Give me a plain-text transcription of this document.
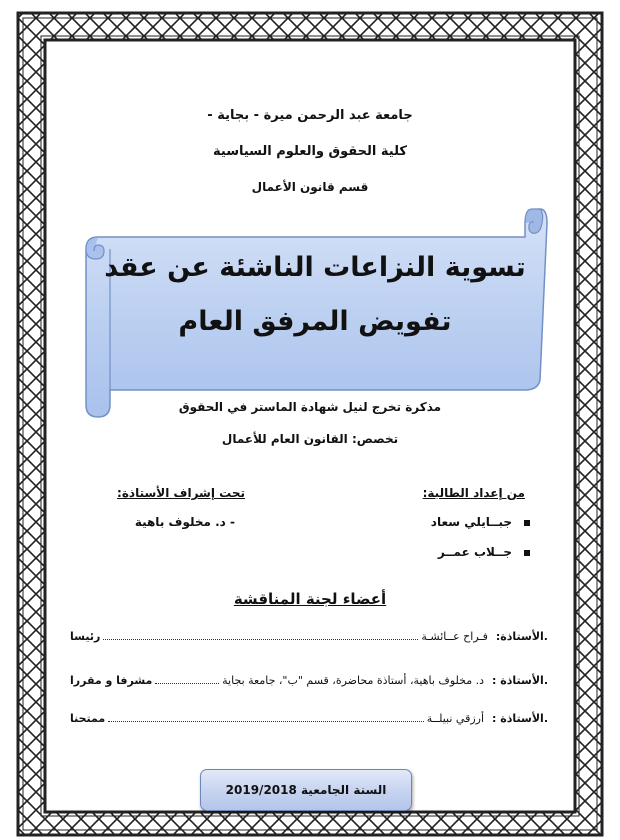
جامعة عبد الرحمن ميرة - بجاية -
كلية الحقوق والعلوم السياسية
قسم قانون الأعمال
تسوية النزاعات الناشئة عن عقد
تفويض المرفق العام
مذكرة تخرج لنيل شهادة الماستر في الحقوق
تخصص: القانون العام للأعمال
من إعداد الطالبة:
تحت إشراف الأستاذة:
جبــايلي سعاد
جــلاب عمــر
- د. مخلوف باهية
أعضاء لجنة المناقشة
.الأستاذة:
فـراح عــائشـة
رئيسا
.الأستاذة :
د. مخلوف باهية، أستاذة محاضرة، قسم "ب"، جامعة بجاية
مشرفا و مقررا
.الأستاذة :
أرزقي نبيلــة
ممتحنا
السنة الجامعية 2019/2018
